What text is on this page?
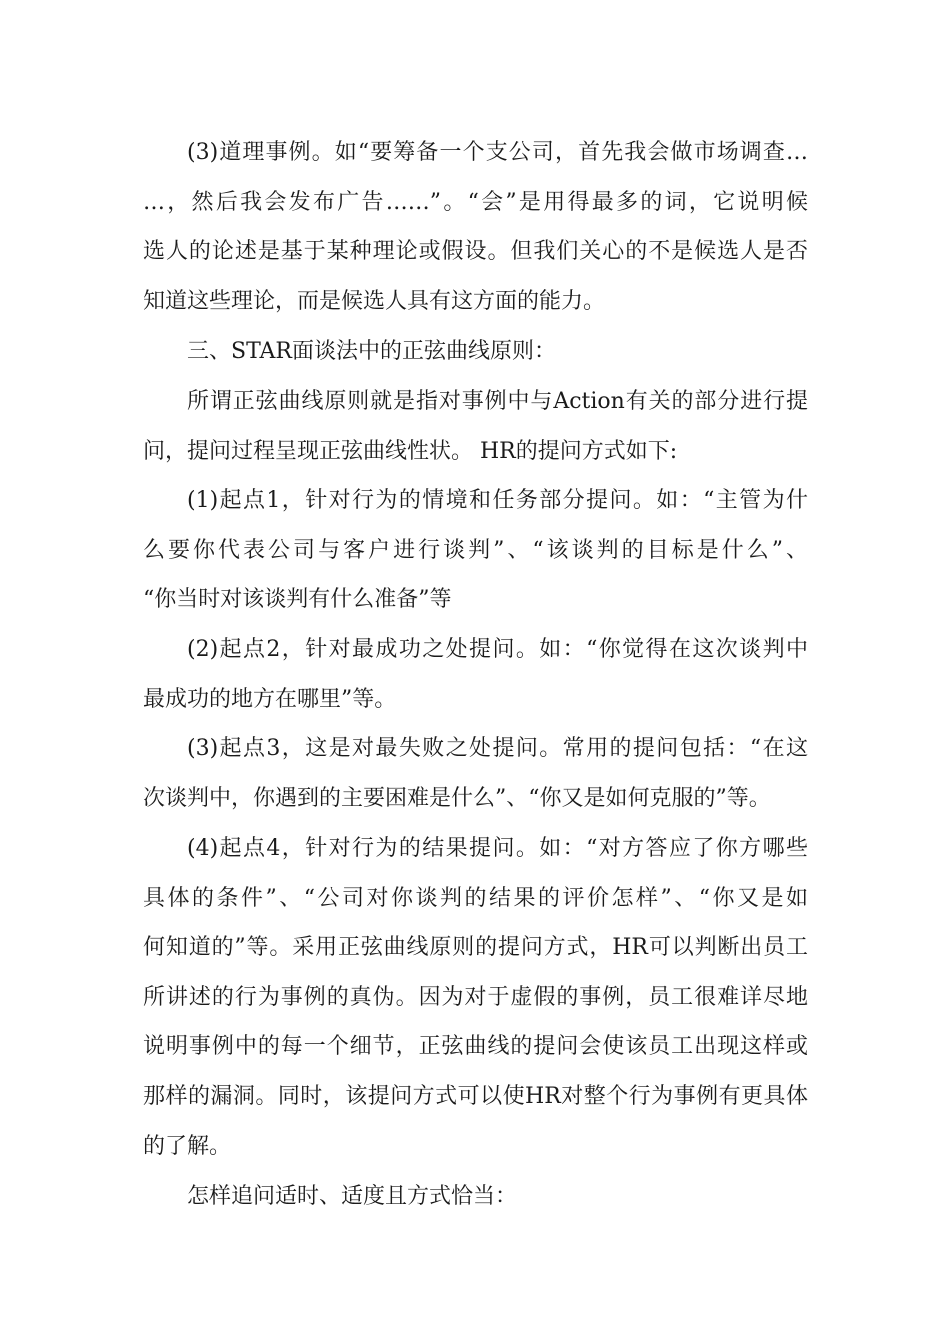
(3)道理事例。如“要筹备一个支公司，首先我会做市场调查…
…，然后我会发布广告……”。“会”是用得最多的词，它说明候
选人的论述是基于某种理论或假设。但我们关心的不是候选人是否
知道这些理论，而是候选人具有这方面的能力。
三、STAR面谈法中的正弦曲线原则：
所谓正弦曲线原则就是指对事例中与Action有关的部分进行提
问，提问过程呈现正弦曲线性状。 HR的提问方式如下:
(1)起点1，针对行为的情境和任务部分提问。如：“主管为什
么要你代表公司与客户进行谈判”、“该谈判的目标是什么”、
“你当时对该谈判有什么准备”等
(2)起点2，针对最成功之处提问。如：“你觉得在这次谈判中
最成功的地方在哪里”等。
(3)起点3，这是对最失败之处提问。常用的提问包括：“在这
次谈判中，你遇到的主要困难是什么”、“你又是如何克服的”等。
(4)起点4，针对行为的结果提问。如：“对方答应了你方哪些
具体的条件”、“公司对你谈判的结果的评价怎样”、“你又是如
何知道的”等。采用正弦曲线原则的提问方式，HR可以判断出员工
所讲述的行为事例的真伪。因为对于虚假的事例，员工很难详尽地
说明事例中的每一个细节，正弦曲线的提问会使该员工出现这样或
那样的漏洞。同时，该提问方式可以使HR对整个行为事例有更具体
的了解。
怎样追问适时、适度且方式恰当：
